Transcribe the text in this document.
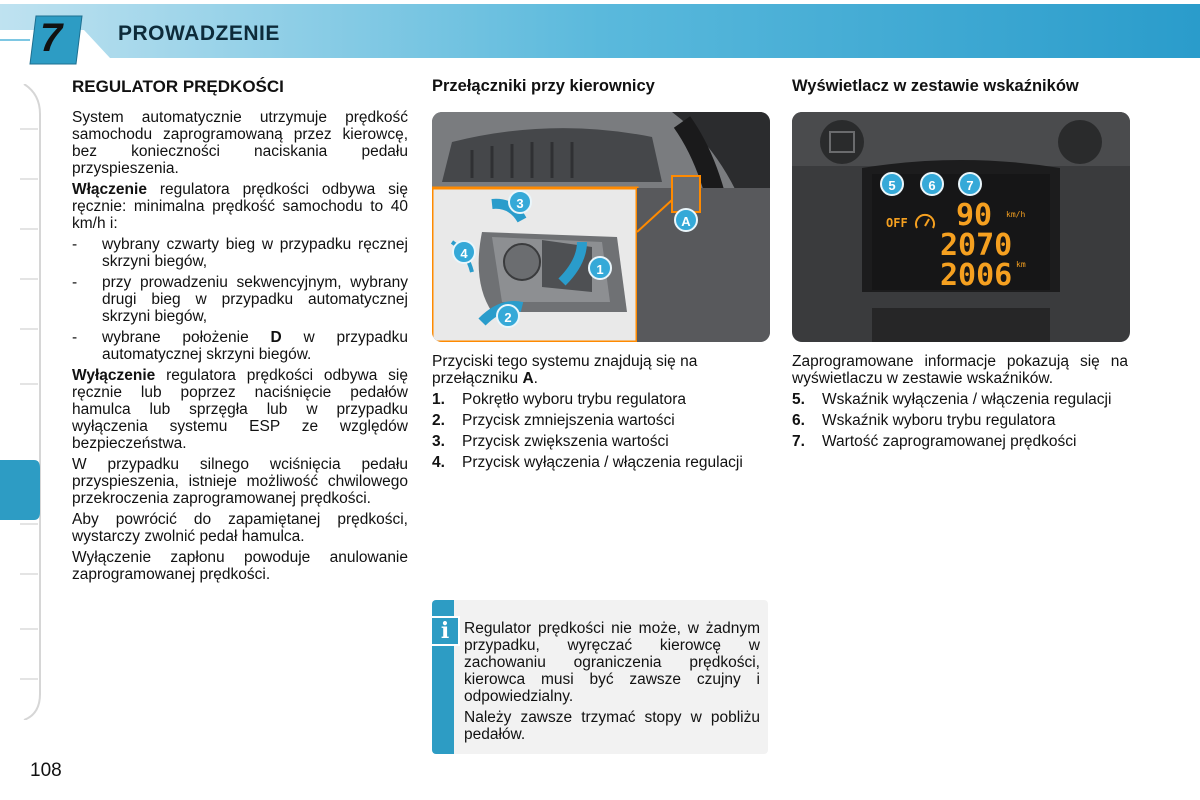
7	PROWADZENIE
REGULATOR PRĘDKOŚCI

System automatycznie utrzymuje prędkość samochodu zaprogramowaną przez kierowcę, bez konieczności naciskania pedału przyspieszenia.

Włączenie regulatora prędkości odbywa się ręcznie: minimalna prędkość samochodu to 40 km/h i:

- wybrany czwarty bieg w przypadku ręcznej skrzyni biegów,
- przy prowadzeniu sekwencyjnym, wybrany drugi bieg w przypadku automatycznej skrzyni biegów,
- wybrane położenie D w przypadku automatycznej skrzyni biegów.

Wyłączenie regulatora prędkości odbywa się ręcznie lub poprzez naciśnięcie pedałów hamulca lub sprzęgła lub w przypadku wyłączenia systemu ESP ze względów bezpieczeństwa.

W przypadku silnego wciśnięcia pedału przyspieszenia, istnieje możliwość chwilowego przekroczenia zaprogramowanej prędkości.

Aby powrócić do zapamiętanej prędkości, wystarczy zwolnić pedał hamulca.

Wyłączenie zapłonu powoduje anulowanie zaprogramowanej prędkości.

Przełączniki przy kierownicy
3
4
1
2
A

Przyciski tego systemu znajdują się na przełączniku A.

1. Pokrętło wyboru trybu regulatora
2. Przycisk zmniejszenia wartości
3. Przycisk zwiększenia wartości
4. Przycisk wyłączenia / włączenia regulacji
Wyświetlacz w zestawie wskaźników
5	6	7
OFF 90 km/h
2070
2006 km

Zaprogramowane informacje pokazują się na wyświetlaczu w zestawie wskaźników.

5. Wskaźnik wyłączenia / włączenia regulacji
6. Wskaźnik wyboru trybu regulatora
7. Wartość zaprogramowanej prędkości
i Regulator prędkości nie może, w żadnym przypadku, wyręczać kierowcę w zachowaniu ograniczenia prędkości, kierowca musi być zawsze czujny i odpowiedzialny.

Należy zawsze trzymać stopy w pobliżu pedałów.

108
